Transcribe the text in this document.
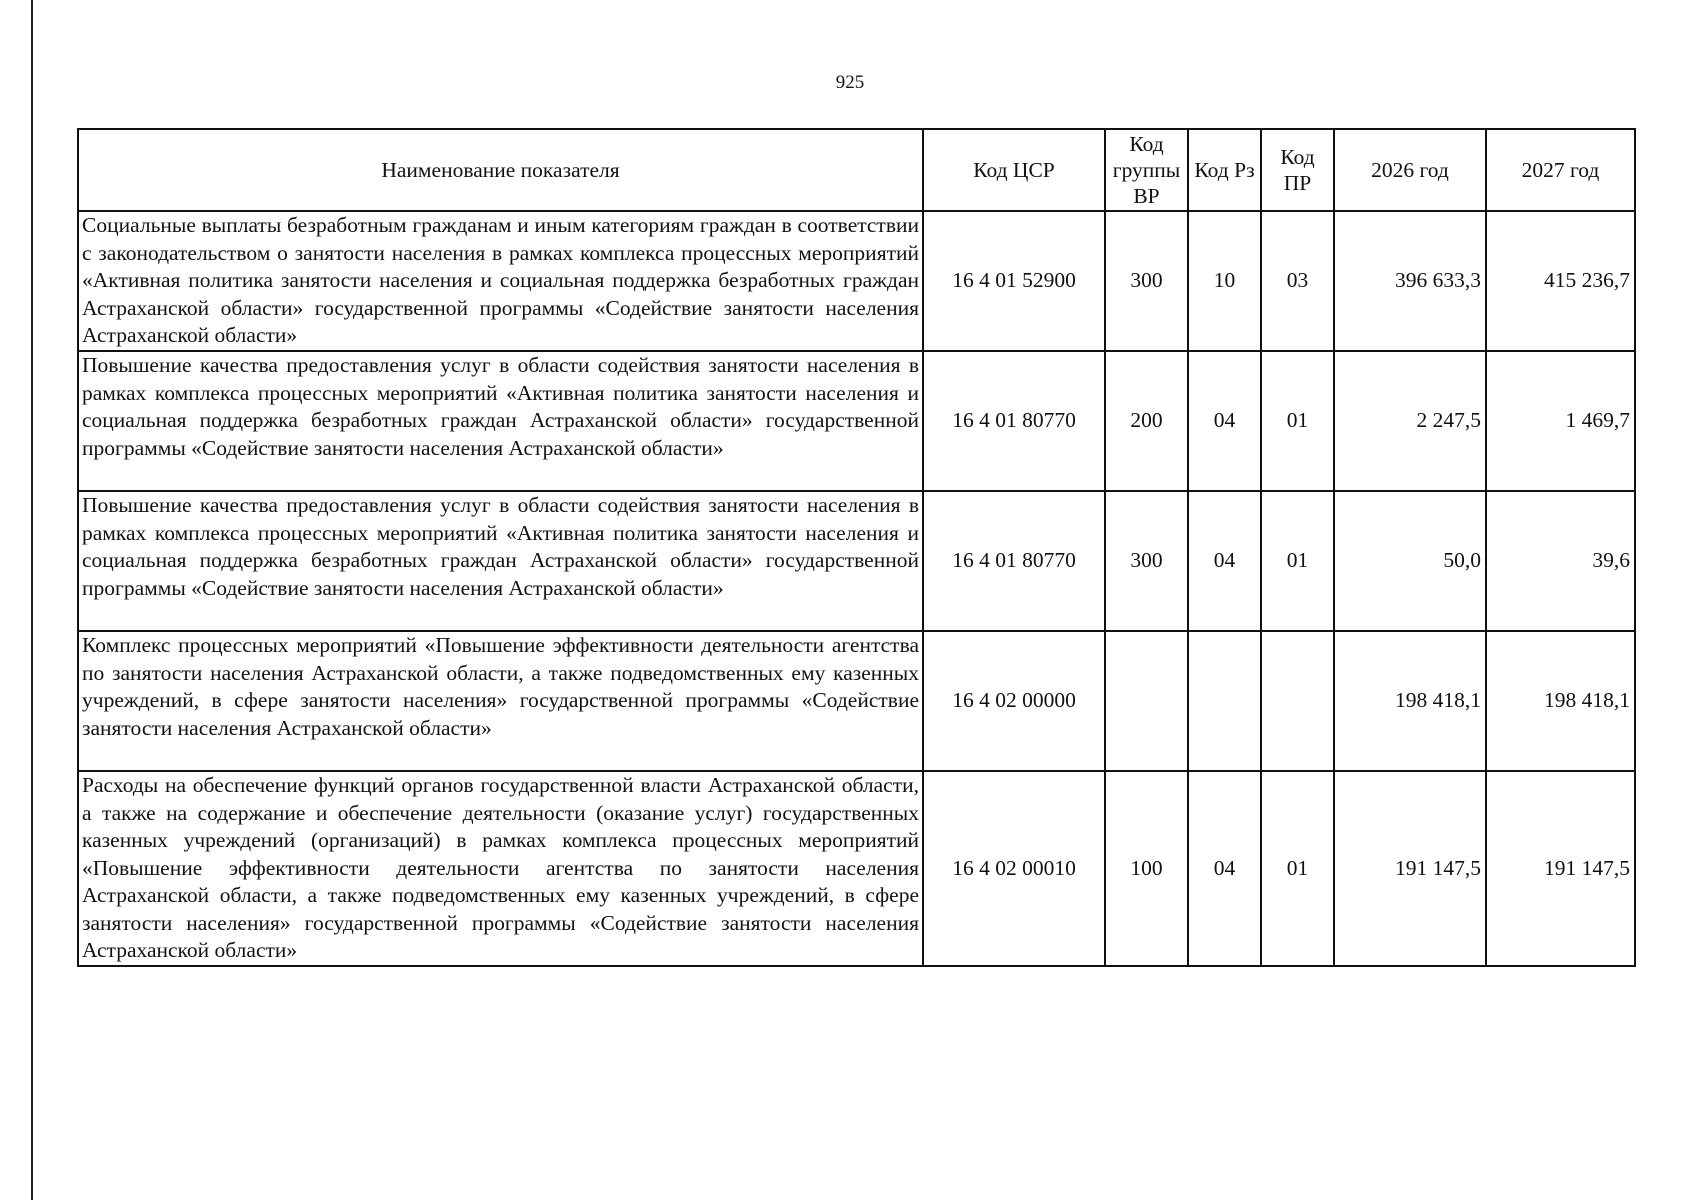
925
Наименование показателя	Код ЦСР	Код группы ВР	Код Рз	Код ПР	2026 год	2027 год
Социальные выплаты безработным гражданам и иным категориям граждан в соответствии с законодательством о занятости населения в рамках комплекса процессных мероприятий «Активная политика занятости населения и социальная поддержка безработных граждан Астраханской области» государственной программы «Содействие занятости населения Астраханской области»	16 4 01 52900	300	10	03	396 633,3	415 236,7
Повышение качества предоставления услуг в области содействия занятости населения в рамках комплекса процессных мероприятий «Активная политика занятости населения и социальная поддержка безработных граждан Астраханской области» государственной программы «Содействие занятости населения Астраханской области»	16 4 01 80770	200	04	01	2 247,5	1 469,7
Повышение качества предоставления услуг в области содействия занятости населения в рамках комплекса процессных мероприятий «Активная политика занятости населения и социальная поддержка безработных граждан Астраханской области» государственной программы «Содействие занятости населения Астраханской области»	16 4 01 80770	300	04	01	50,0	39,6
Комплекс процессных мероприятий «Повышение эффективности деятельности агентства по занятости населения Астраханской области, а также подведомственных ему казенных учреждений, в сфере занятости населения» государственной программы «Содействие занятости населения Астраханской области»	16 4 02 00000				198 418,1	198 418,1
Расходы на обеспечение функций органов государственной власти Астраханской области, а также на содержание и обеспечение деятельности (оказание услуг) государственных казенных учреждений (организаций) в рамках комплекса процессных мероприятий «Повышение эффективности деятельности агентства по занятости населения Астраханской области, а также подведомственных ему казенных учреждений, в сфере занятости населения» государственной программы «Содействие занятости населения Астраханской области»	16 4 02 00010	100	04	01	191 147,5	191 147,5
